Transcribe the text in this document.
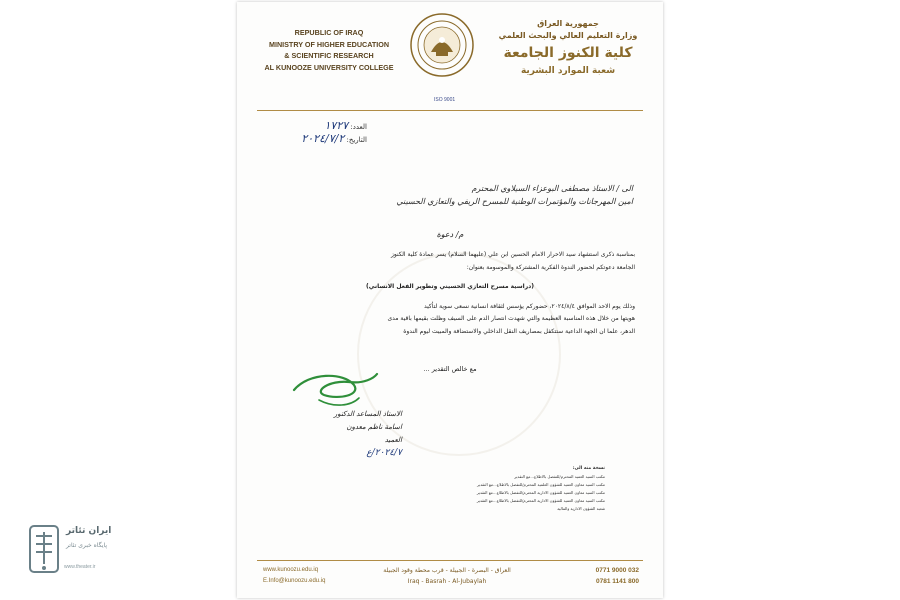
REPUBLIC OF IRAQ
MINISTRY OF HIGHER EDUCATION
& SCIENTIFIC RESEARCH
AL KUNOOZE UNIVERSITY COLLEGE
ISO 9001
جمهورية العراق
وزارة التعليم العالي والبحث العلمي
كلية الكنوز الجامعة
شعبة الموارد البشرية
العدد: ١٧٢٧
التاريخ: ٢٠٢٤/٧/٢
الى / الاستاذ مصطفى البوعزاء السيلاوي المحترم
امين المهرجانات والمؤتمرات الوطنية للمسرح الريفي والتعازي الحسيني
م/ دعوة
بمناسبة ذكرى استشهاد سيد الاحرار الامام الحسين ابن علي (عليهما السلام) يسر عمادة كلية الكنوز
الجامعة دعوتكم لحضور الندوة الفكرية المشتركة والموسومة بعنوان:
(دراسية مسرح التعازي الحسيني وتطوير الفعل الانساني)
وذلك يوم الاحد الموافق ٢٠٢٤/٨/٤، حضوركم يؤسس لثقافة انسانية نسعى سوية لتأكيد
هويتها من خلال هذه المناسبة العظيمة والتي شهدت انتصار الدم على السيف وظلت بقيمها باقية مدى
الدهر، علما ان الجهة الداعية ستتكفل بمصاريف النقل الداخلي والاستضافة والمبيت ليوم الندوة
مع خالص التقدير ...
الاستاذ المساعد الدكتور
اسامة ناظم معدون
العميد
٢٠٢٤/٧/ع
نسخة منه الى:
مكتب السيد العميد المحترم/للتفضل بالاطلاع...مع التقدير
مكتب السيد معاون العميد للشؤون العلمية المحترم/للتفضل بالاطلاع...مع التقدير
مكتب السيد معاون العميد للشؤون الادارية المحترم/للتفضل بالاطلاع...مع التقدير
مكتب السيد معاون العميد للشؤون الادارية المحترم/للتفضل بالاطلاع...مع التقدير
شعبة الشؤون الادارية والمالية
www.kunoozu.edu.iq
E.Info@kunoozu.edu.iq
العراق - البصرة - الجبيلة - قرب محطة وقود الجبيلة
Iraq - Basrah - Al-Jubaylah
0771 9000 032
0781 1141 800
ایران تئاتر
پایگاه خبری تئاتر
www.theater.ir
